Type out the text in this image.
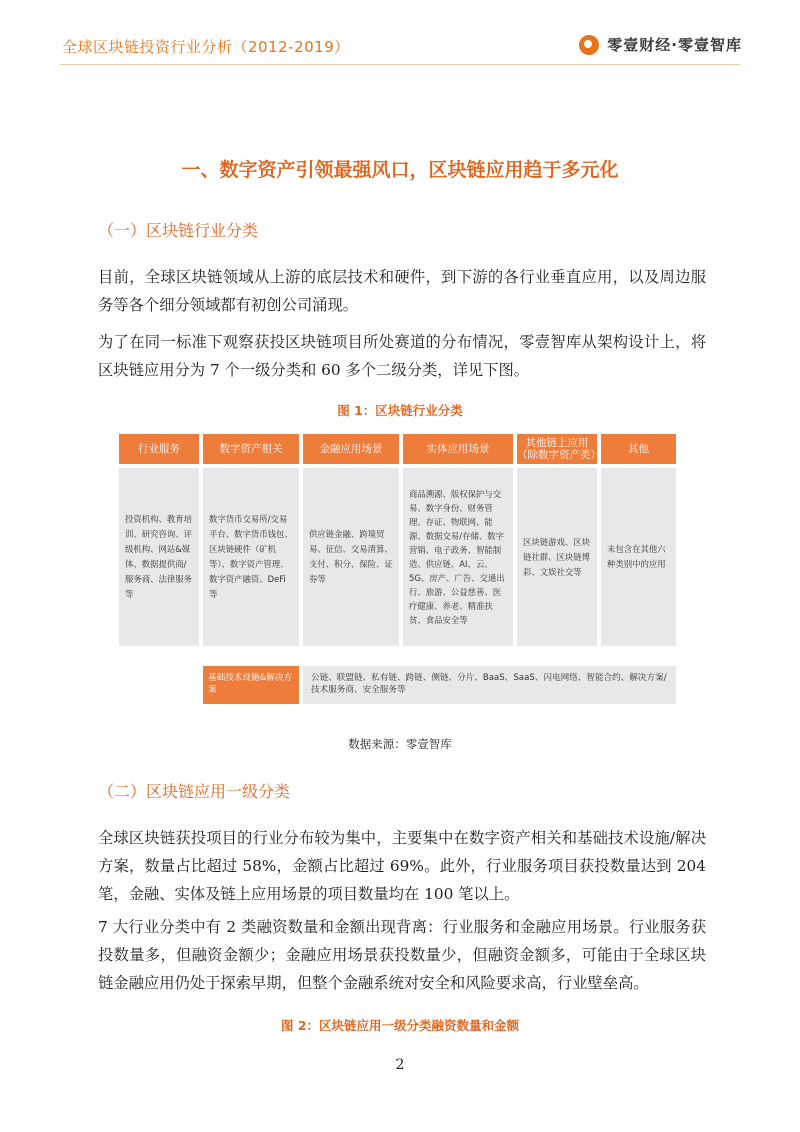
全球区块链投资行业分析（2012-2019）	零壹财经·零壹智库
一、数字资产引领最强风口，区块链应用趋于多元化
（一）区块链行业分类

目前，全球区块链领域从上游的底层技术和硬件，到下游的各行业垂直应用，以及周边服务等各个细分领域都有初创公司涌现。

为了在同一标准下观察获投区块链项目所处赛道的分布情况，零壹智库从架构设计上，将区块链应用分为 7 个一级分类和 60 多个二级分类，详见下图。

图 1：区块链行业分类
行业服务
投资机构、教育培训、研究咨询、评级机构、网站&媒体、数据提供商/服务商、法律服务等
数字资产相关
数字货币交易所/交易平台、数字货币钱包、区块链硬件（矿机等）、数字资产管理、数字资产融资、DeFi等
金融应用场景
供应链金融、跨境贸易、征信、交易清算、支付、积分、保险、证券等
实体应用场景
商品溯源、版权保护与交易、数字身份、财务管理、存证、物联网、能源、数据交易/存储、数字营销、电子政务、智能制造、供应链、AI、云、5G、房产、广告、交通出行、旅游、公益慈善、医疗健康、养老、精准扶贫、食品安全等
其他链上应用（除数字资产类）
区块链游戏、区块链社群、区块链博彩、文娱社交等
其他
未包含在其他六种类别中的应用
基础技术设施&解决方案
公链、联盟链、私有链、跨链、侧链、分片、BaaS、SaaS、闪电网络、智能合约、解决方案/技术服务商、安全服务等
数据来源：零壹智库
（二）区块链应用一级分类

全球区块链获投项目的行业分布较为集中，主要集中在数字资产相关和基础技术设施/解决方案，数量占比超过 58%，金额占比超过 69%。此外，行业服务项目获投数量达到 204 笔，金融、实体及链上应用场景的项目数量均在 100 笔以上。

7 大行业分类中有 2 类融资数量和金额出现背离：行业服务和金融应用场景。行业服务获投数量多，但融资金额少；金融应用场景获投数量少，但融资金额多，可能由于全球区块链金融应用仍处于探索早期，但整个金融系统对安全和风险要求高，行业壁垒高。

图 2：区块链应用一级分类融资数量和金额
2
